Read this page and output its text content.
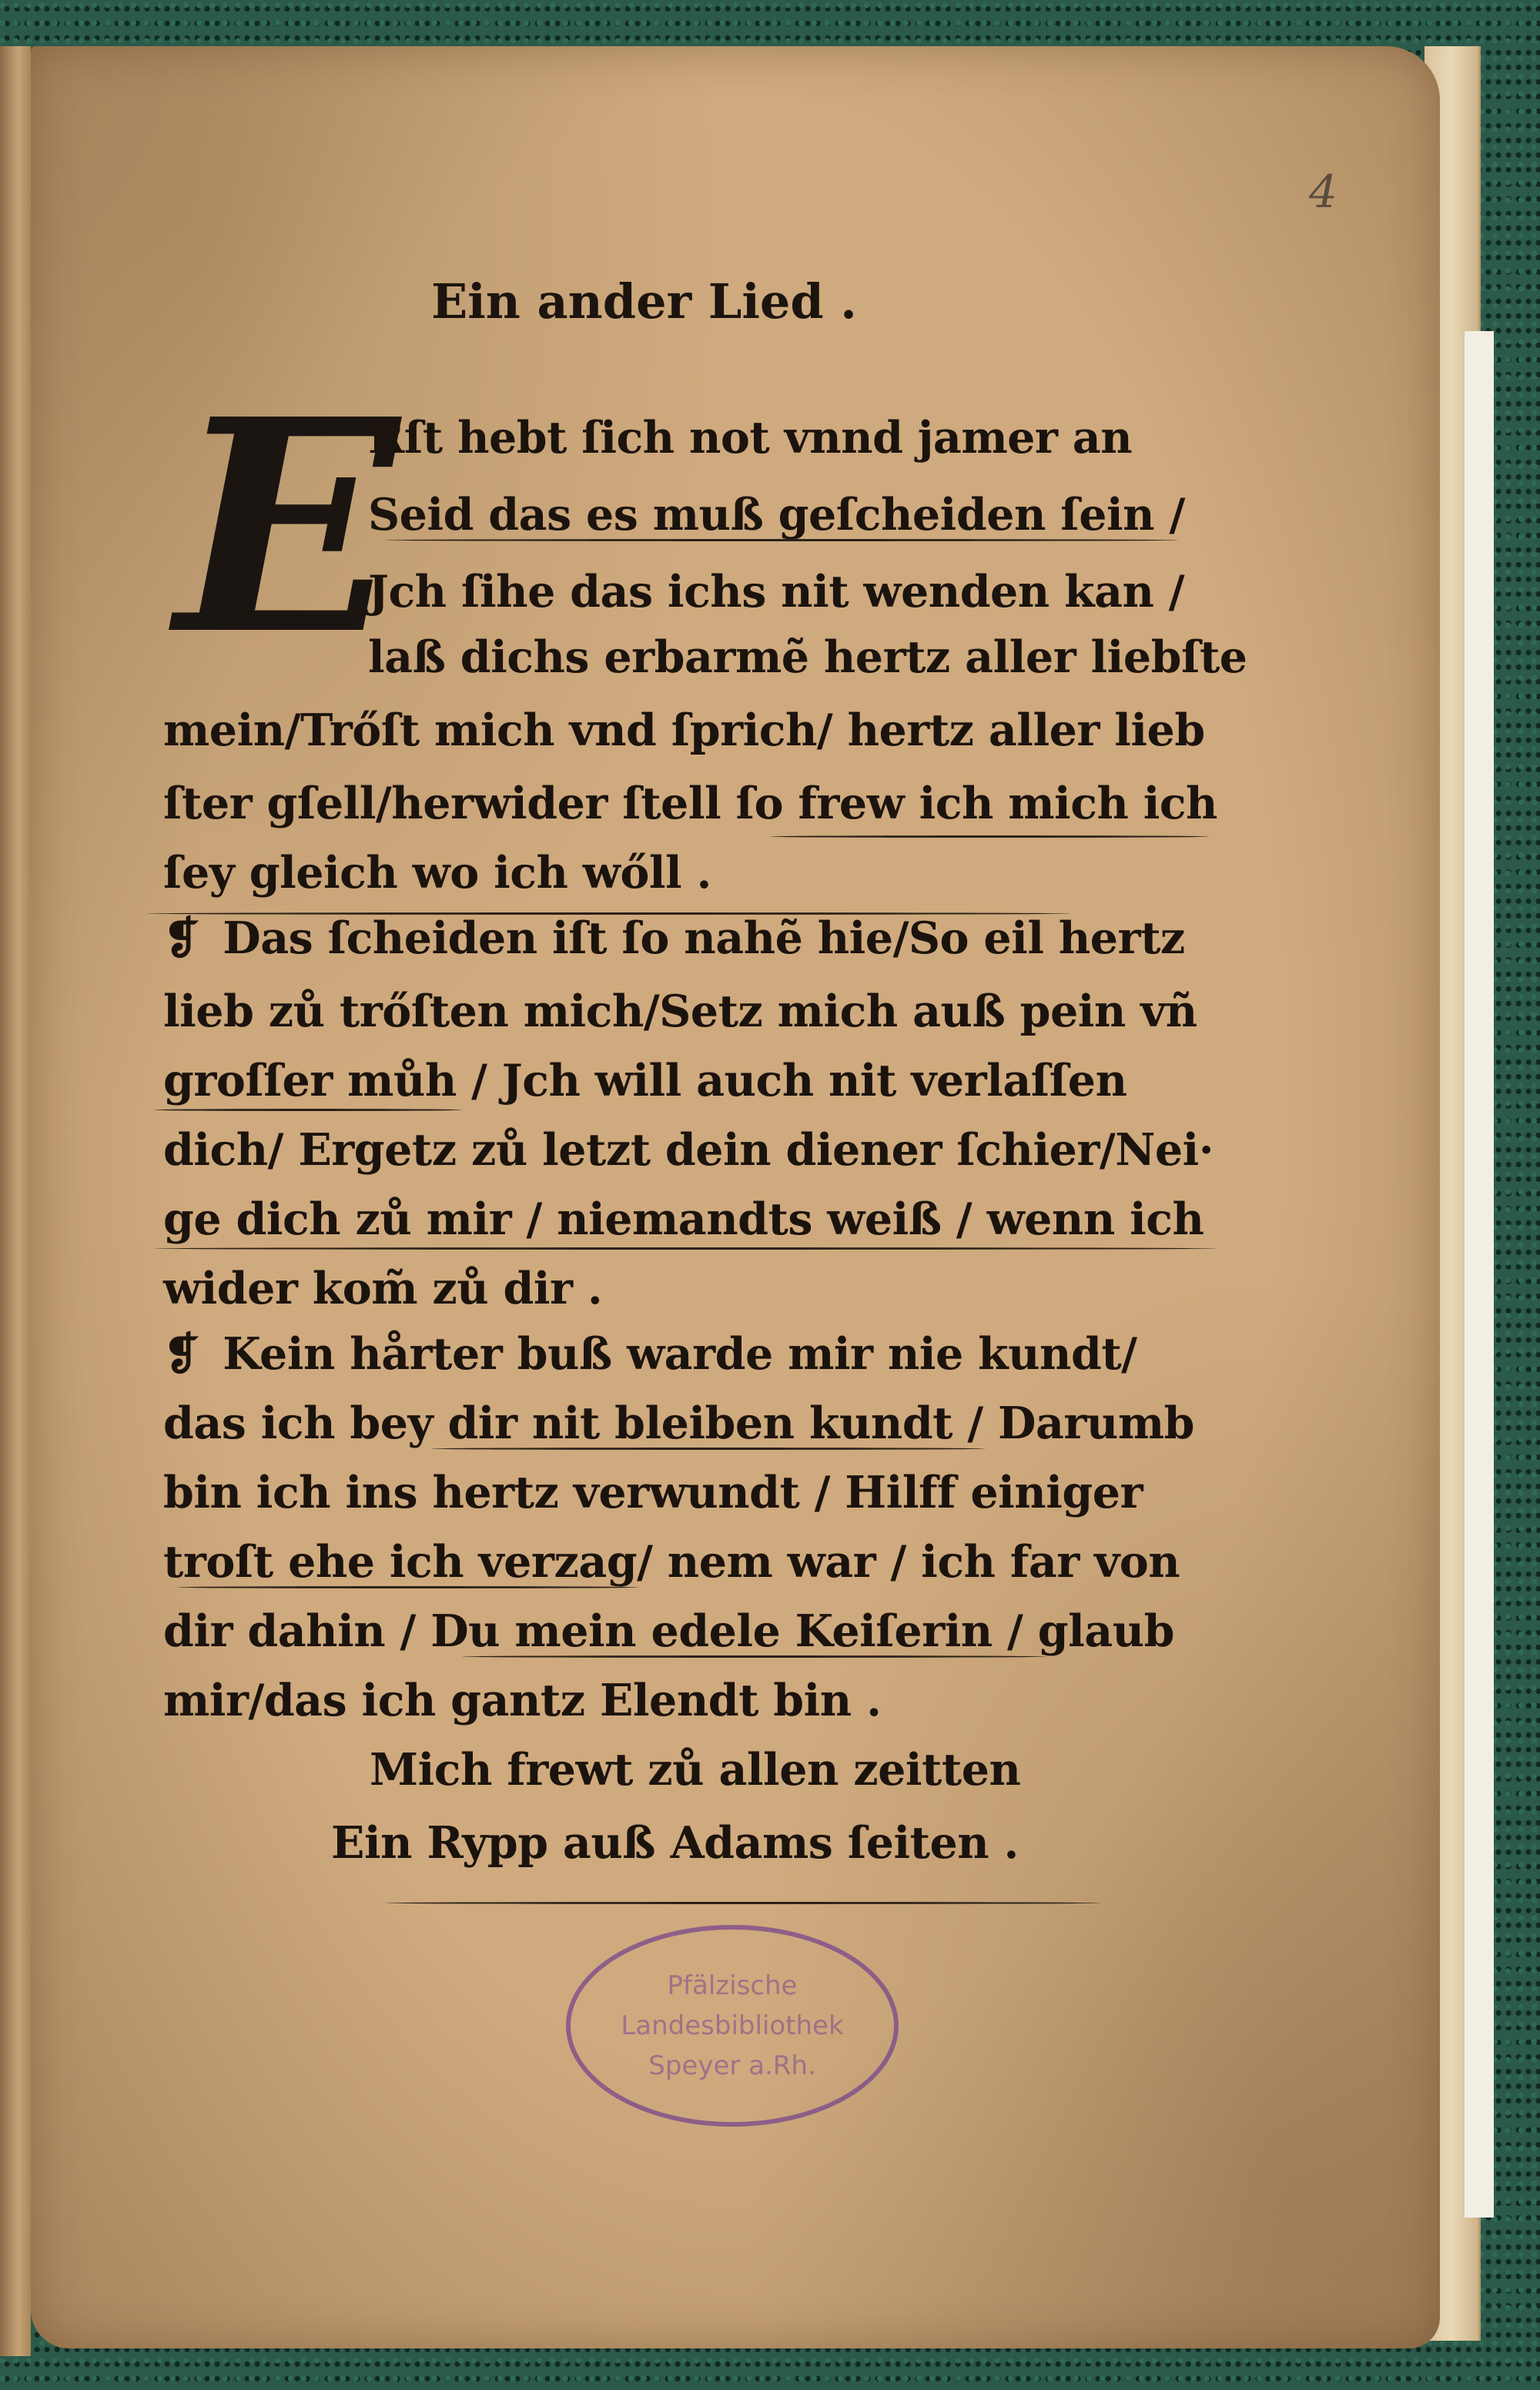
4
Ein ander Lied .
E
Rſt hebt ſich not vnnd jamer an
Seid das es muß geſcheiden ſein /
Jch ſihe das ichs nit wenden kan /
laß dichs erbarmẽ hertz aller liebſte
mein/Trőſt mich vnd ſprich/ hertz aller lieb
ſter gſell/herwider ſtell ſo frew ich mich ich
ſey gleich wo ich wőll .
❡ Das ſcheiden iſt ſo nahẽ hie/So eil hertz
lieb zů trőſten mich/Setz mich auß pein vñ
groſſer můh / Jch will auch nit verlaſſen
dich/ Ergetz zů letzt dein diener ſchier/Nei·
ge dich zů mir / niemandts weiß / wenn ich
wider kom̃ zů dir .
❡ Kein hårter buß warde mir nie kundt/
das ich bey dir nit bleiben kundt / Darumb
bin ich ins hertz verwundt / Hilff einiger
troſt ehe ich verzag/ nem war / ich far von
dir dahin / Du mein edele Keiſerin / glaub
mir/das ich gantz Elendt bin .
Mich frewt zů allen zeitten
Ein Rypp auß Adams ſeiten .
Pfälzische
Landesbibliothek
Speyer a.Rh.
